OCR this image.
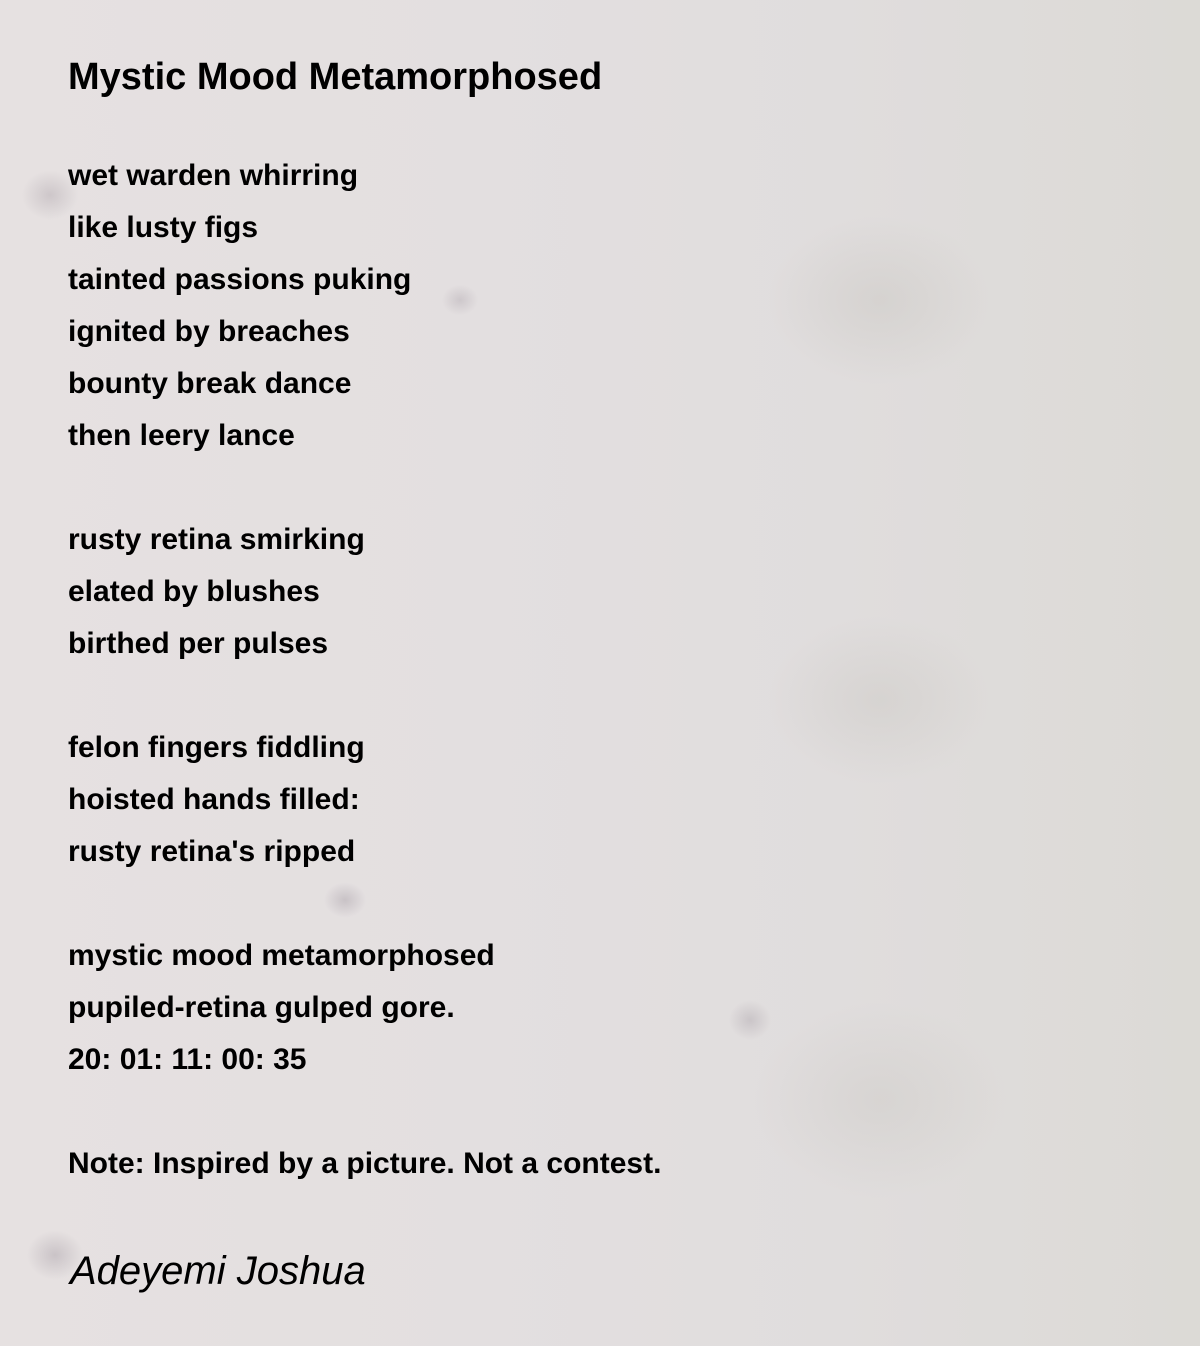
Mystic Mood Metamorphosed
wet warden whirring
like lusty figs
tainted passions puking
ignited by breaches
bounty break dance
then leery lance
rusty retina smirking
elated by blushes
birthed per pulses
felon fingers fiddling
hoisted hands filled:
rusty retina's ripped
mystic mood metamorphosed
pupiled-retina gulped gore.
20: 01: 11: 00: 35

Note: Inspired by a picture. Not a contest.

Adeyemi Joshua
